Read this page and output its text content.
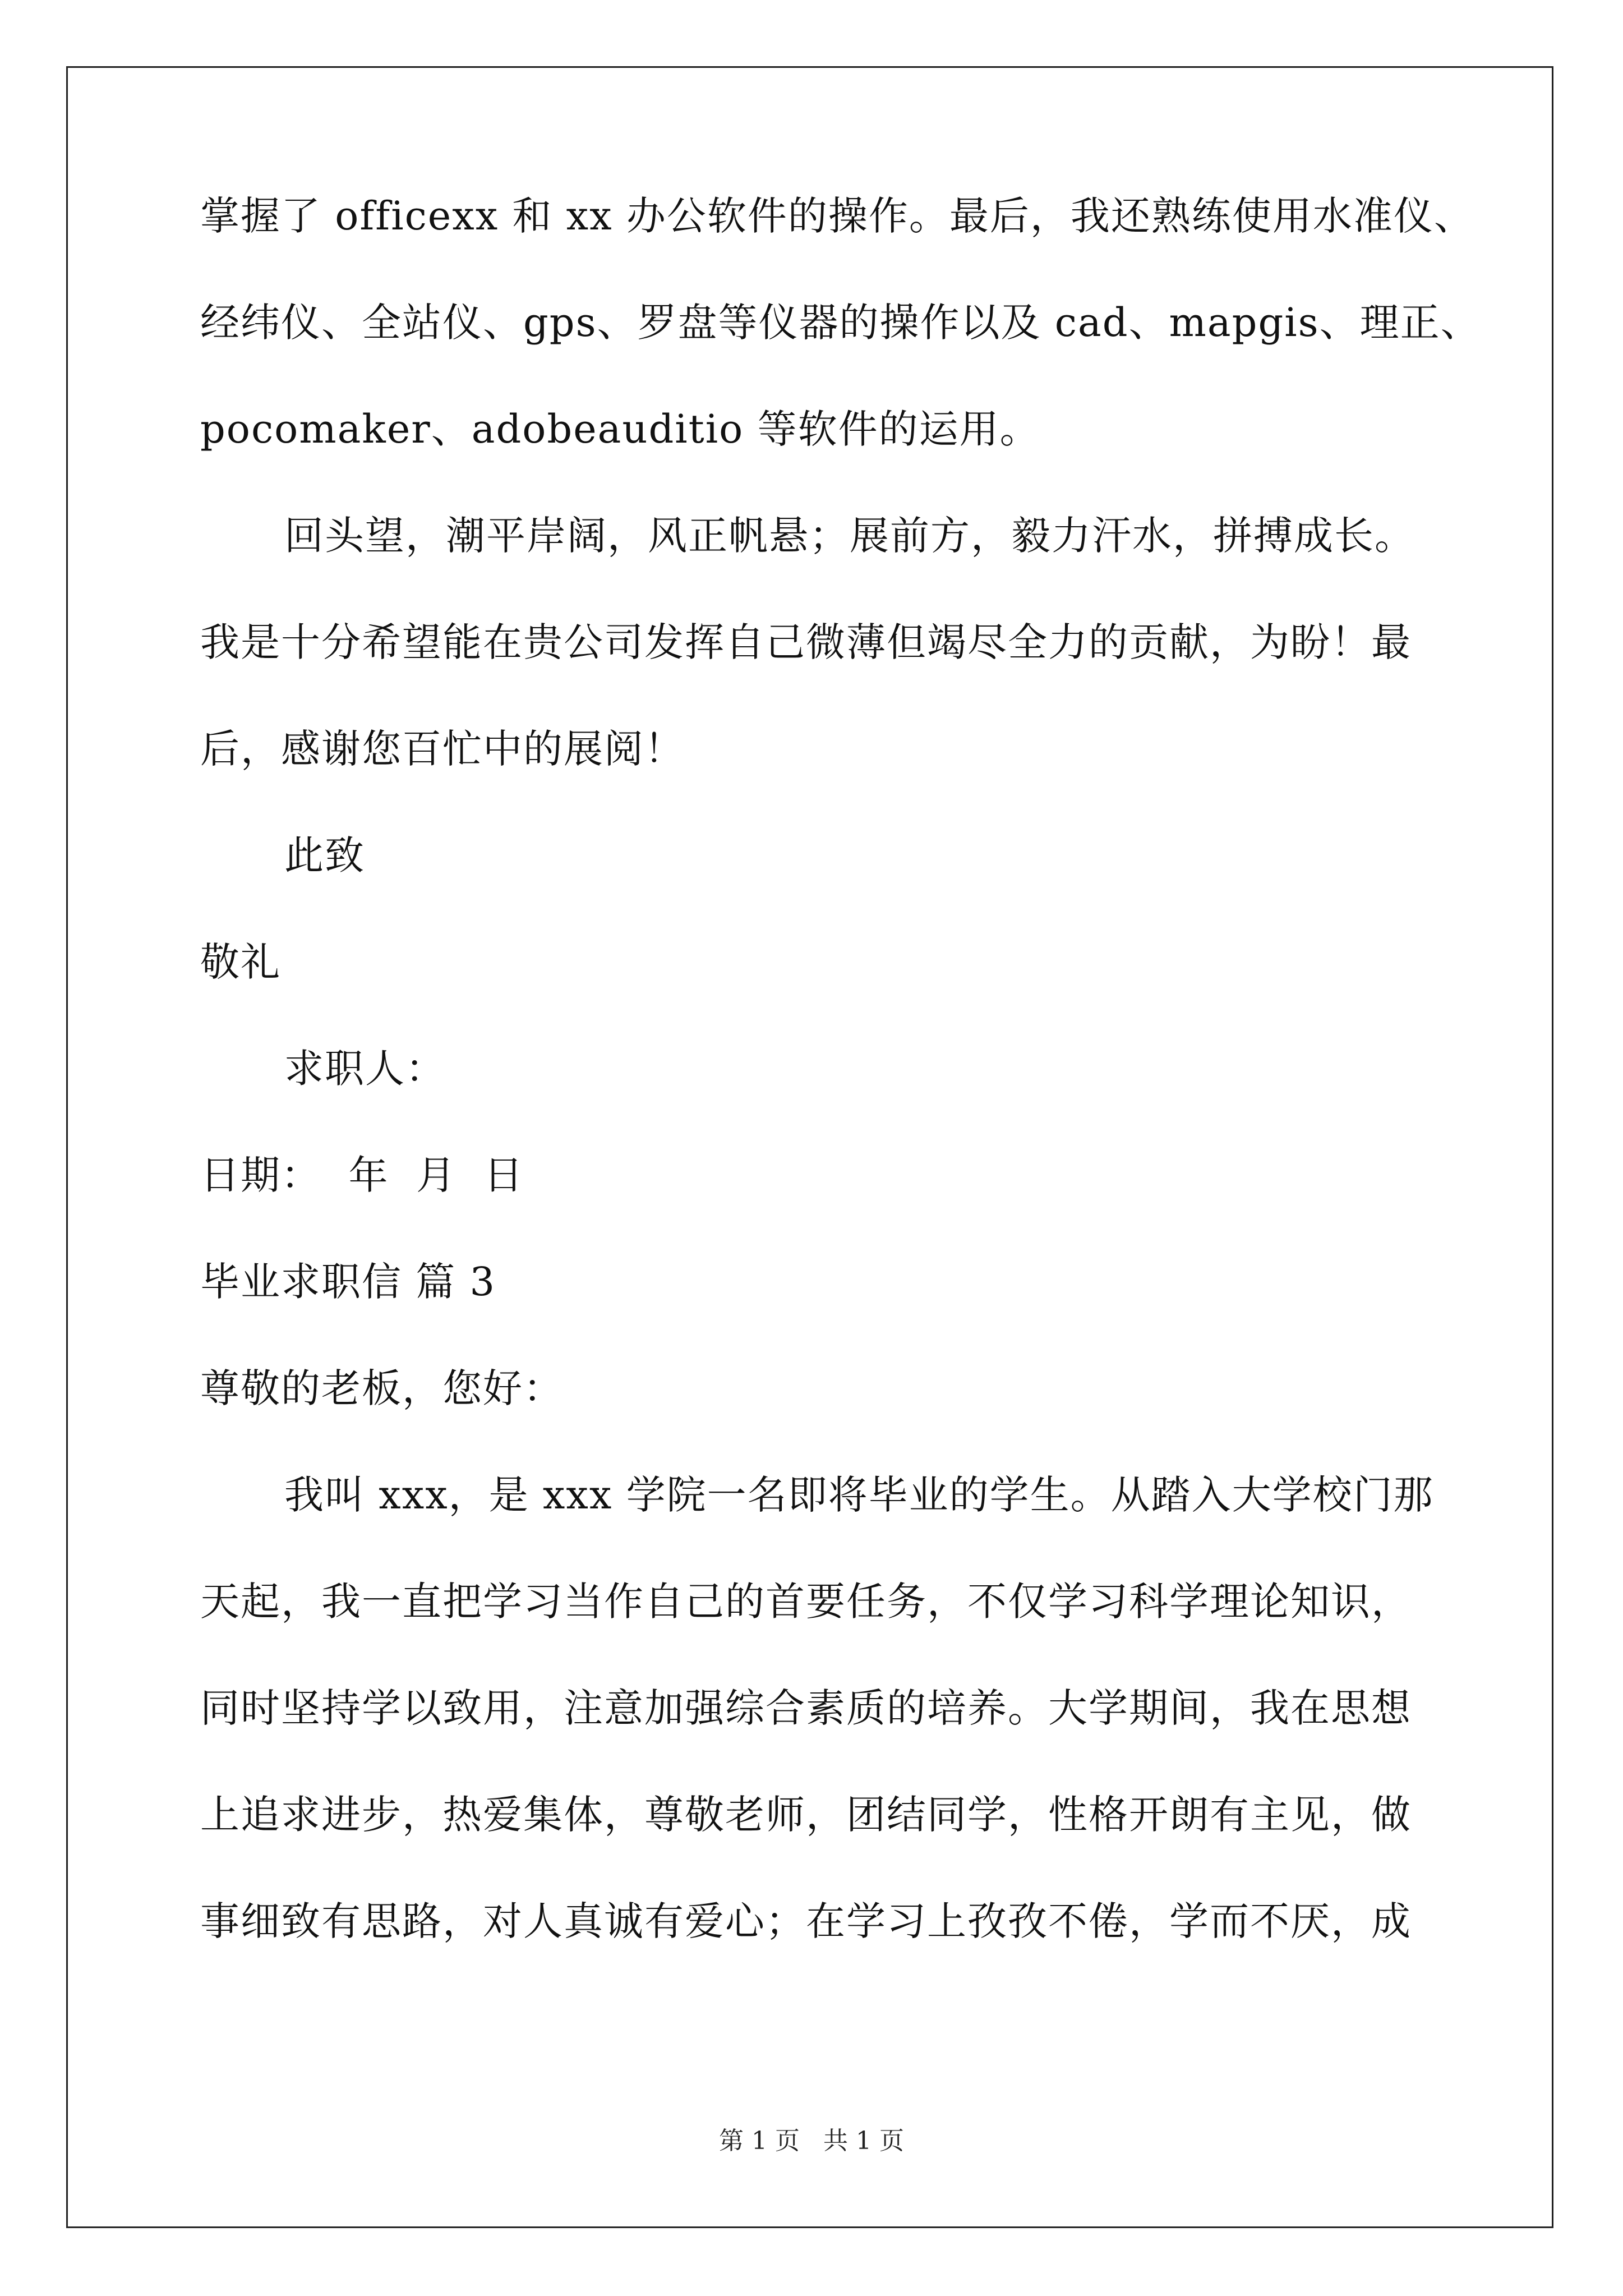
掌握了 officexx 和 xx 办公软件的操作。最后，我还熟练使用水准仪、
经纬仪、全站仪、gps、罗盘等仪器的操作以及 cad、mapgis、理正、
pocomaker、adobeauditio 等软件的运用。
回头望，潮平岸阔，风正帆悬；展前方，毅力汗水，拼搏成长。
我是十分希望能在贵公司发挥自己微薄但竭尽全力的贡献，为盼！最
后，感谢您百忙中的展阅！
此致
敬礼
求职人：
日期：  年  月  日
毕业求职信 篇 3
尊敬的老板，您好：
我叫 xxx，是 xxx 学院一名即将毕业的学生。从踏入大学校门那
天起，我一直把学习当作自己的首要任务，不仅学习科学理论知识，
同时坚持学以致用，注意加强综合素质的培养。大学期间，我在思想
上追求进步，热爱集体，尊敬老师，团结同学，性格开朗有主见，做
事细致有思路，对人真诚有爱心；在学习上孜孜不倦，学而不厌，成
第 1 页   共 1 页
